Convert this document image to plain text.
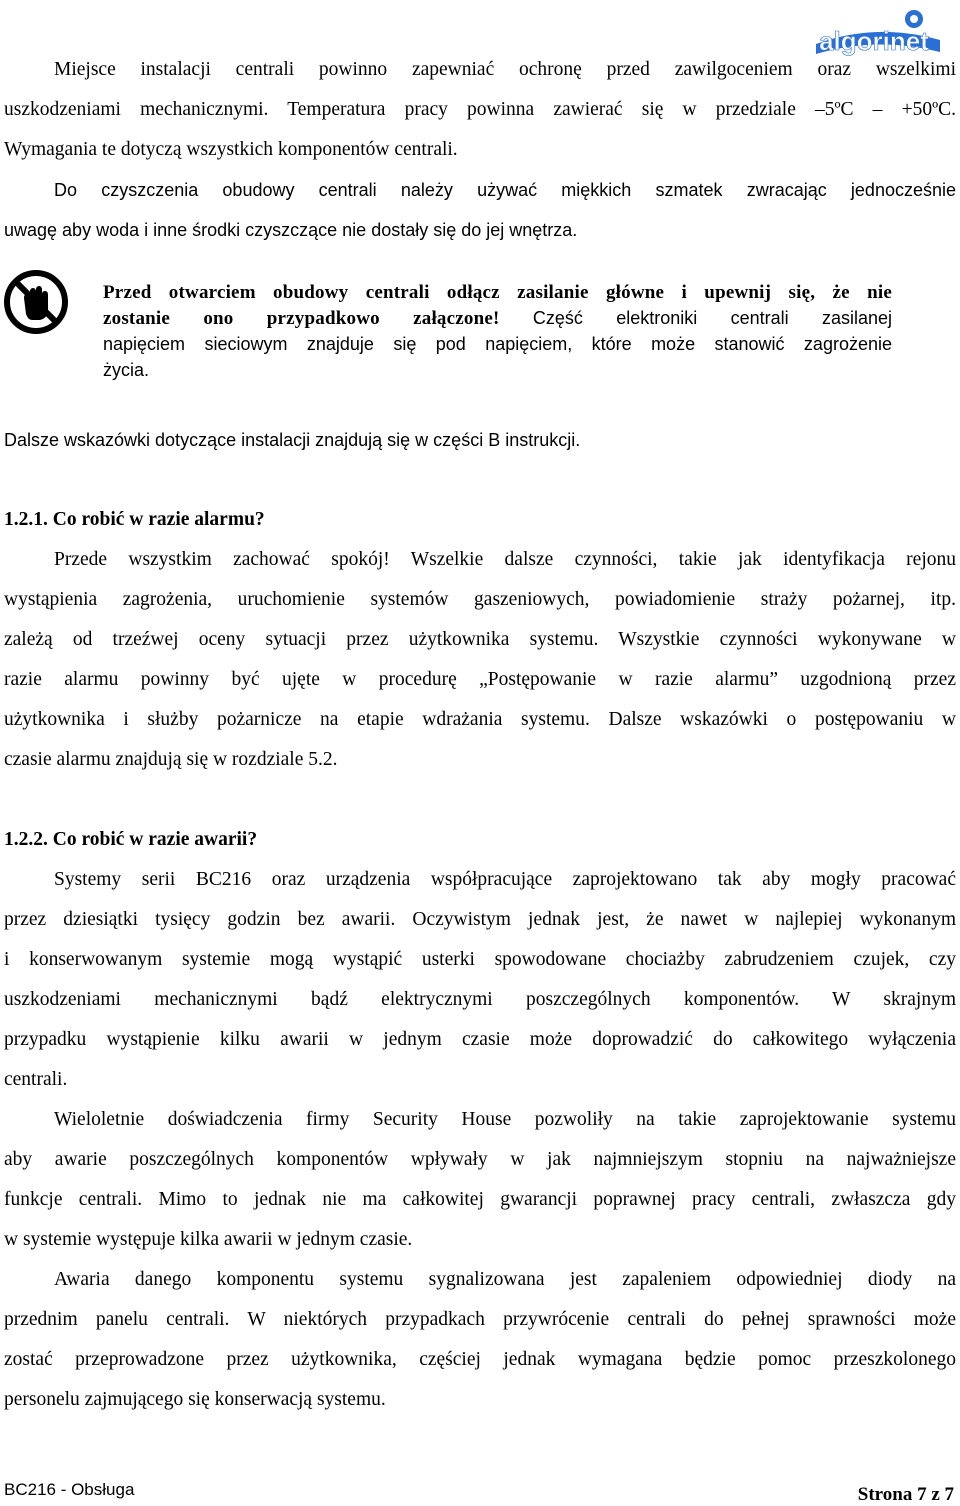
algorinet
Miejsce instalacji centrali powinno zapewniać ochronę przed zawilgoceniem oraz wszelkimi
uszkodzeniami mechanicznymi. Temperatura pracy powinna zawierać się w przedziale –5ºC – +50ºC.
Wymagania te dotyczą wszystkich komponentów centrali.
Do czyszczenia obudowy centrali należy używać miękkich szmatek zwracając jednocześnie
uwagę aby woda i inne środki czyszczące nie dostały się do jej wnętrza.
Przed otwarciem obudowy centrali odłącz zasilanie główne i upewnij się, że nie
zostanie ono przypadkowo załączone! Część elektroniki centrali zasilanej
napięciem sieciowym znajduje się pod napięciem, które może stanowić zagrożenie
życia.
Dalsze wskazówki dotyczące instalacji znajdują się w części B instrukcji.
1.2.1. Co robić w razie alarmu?
Przede wszystkim zachować spokój! Wszelkie dalsze czynności, takie jak identyfikacja rejonu
wystąpienia zagrożenia, uruchomienie systemów gaszeniowych, powiadomienie straży pożarnej, itp.
zależą od trzeźwej oceny sytuacji przez użytkownika systemu. Wszystkie czynności wykonywane w
razie alarmu powinny być ujęte w procedurę „Postępowanie w razie alarmu” uzgodnioną przez
użytkownika i służby pożarnicze na etapie wdrażania systemu. Dalsze wskazówki o postępowaniu w
czasie alarmu znajdują się w rozdziale 5.2.
1.2.2. Co robić w razie awarii?
Systemy serii BC216 oraz urządzenia współpracujące zaprojektowano tak aby mogły pracować
przez dziesiątki tysięcy godzin bez awarii. Oczywistym jednak jest, że nawet w najlepiej wykonanym
i konserwowanym systemie mogą wystąpić usterki spowodowane chociażby zabrudzeniem czujek, czy
uszkodzeniami mechanicznymi bądź elektrycznymi poszczególnych komponentów. W skrajnym
przypadku wystąpienie kilku awarii w jednym czasie może doprowadzić do całkowitego wyłączenia
centrali.
Wieloletnie doświadczenia firmy Security House pozwoliły na takie zaprojektowanie systemu
aby awarie poszczególnych komponentów wpływały w jak najmniejszym stopniu na najważniejsze
funkcje centrali. Mimo to jednak nie ma całkowitej gwarancji poprawnej pracy centrali, zwłaszcza gdy
w systemie występuje kilka awarii w jednym czasie.
Awaria danego komponentu systemu sygnalizowana jest zapaleniem odpowiedniej diody na
przednim panelu centrali. W niektórych przypadkach przywrócenie centrali do pełnej sprawności może
zostać przeprowadzone przez użytkownika, częściej jednak wymagana będzie pomoc przeszkolonego
personelu zajmującego się konserwacją systemu.
BC216 - Obsługa	Strona 7 z 7
